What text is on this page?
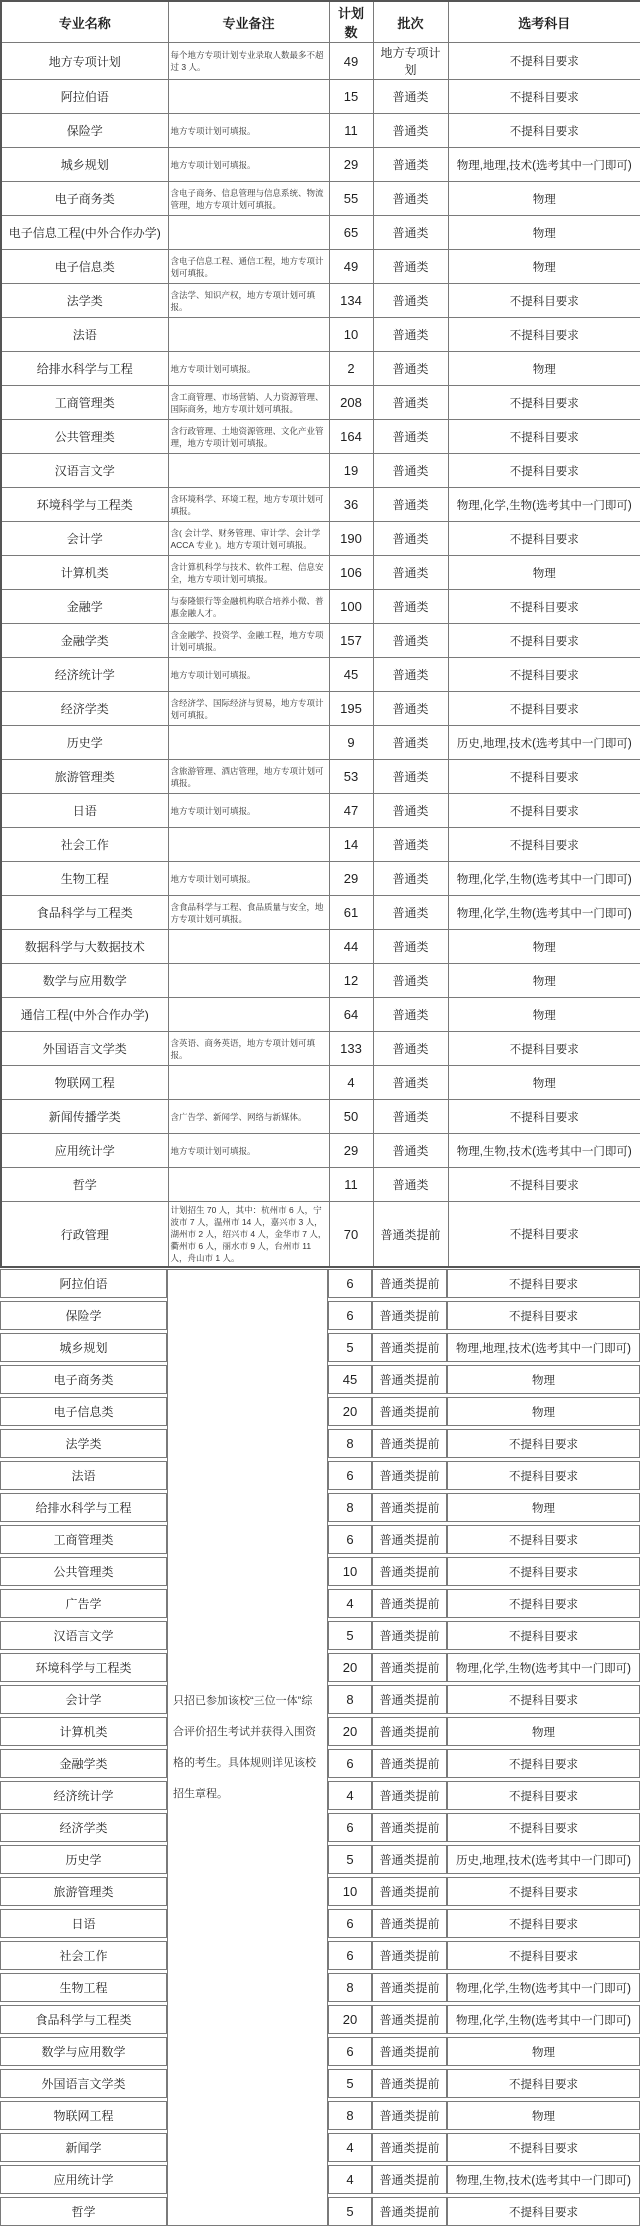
专业名称	专业备注	计划数	批次	选考科目
地方专项计划	每个地方专项计划专业录取人数最多不超过 3 人。	49	地方专项计划	不提科目要求
阿拉伯语		15	普通类	不提科目要求
保险学	地方专项计划可填报。	11	普通类	不提科目要求
城乡规划	地方专项计划可填报。	29	普通类	物理,地理,技术(选考其中一门即可)
电子商务类	含电子商务、信息管理与信息系统、物流管理，地方专项计划可填报。	55	普通类	物理
电子信息工程(中外合作办学)		65	普通类	物理
电子信息类	含电子信息工程、通信工程，地方专项计划可填报。	49	普通类	物理
法学类	含法学、知识产权，地方专项计划可填报。	134	普通类	不提科目要求
法语		10	普通类	不提科目要求
给排水科学与工程	地方专项计划可填报。	2	普通类	物理
工商管理类	含工商管理、市场营销、人力资源管理、国际商务，地方专项计划可填报。	208	普通类	不提科目要求
公共管理类	含行政管理、土地资源管理、文化产业管理，地方专项计划可填报。	164	普通类	不提科目要求
汉语言文学		19	普通类	不提科目要求
环境科学与工程类	含环境科学、环境工程，地方专项计划可填报。	36	普通类	物理,化学,生物(选考其中一门即可)
会计学	含( 会计学、财务管理、审计学、会计学 ACCA 专业 )。地方专项计划可填报。	190	普通类	不提科目要求
计算机类	含计算机科学与技术、软件工程、信息安全，地方专项计划可填报。	106	普通类	物理
金融学	与泰隆银行等金融机构联合培养小微、普惠金融人才。	100	普通类	不提科目要求
金融学类	含金融学、投资学、金融工程，地方专项计划可填报。	157	普通类	不提科目要求
经济统计学	地方专项计划可填报。	45	普通类	不提科目要求
经济学类	含经济学、国际经济与贸易，地方专项计划可填报。	195	普通类	不提科目要求
历史学		9	普通类	历史,地理,技术(选考其中一门即可)
旅游管理类	含旅游管理、酒店管理，地方专项计划可填报。	53	普通类	不提科目要求
日语	地方专项计划可填报。	47	普通类	不提科目要求
社会工作		14	普通类	不提科目要求
生物工程	地方专项计划可填报。	29	普通类	物理,化学,生物(选考其中一门即可)
食品科学与工程类	含食品科学与工程、食品质量与安全，地方专项计划可填报。	61	普通类	物理,化学,生物(选考其中一门即可)
数据科学与大数据技术		44	普通类	物理
数学与应用数学		12	普通类	物理
通信工程(中外合作办学)		64	普通类	物理
外国语言文学类	含英语、商务英语，地方专项计划可填报。	133	普通类	不提科目要求
物联网工程		4	普通类	物理
新闻传播学类	含广告学、新闻学、网络与新媒体。	50	普通类	不提科目要求
应用统计学	地方专项计划可填报。	29	普通类	物理,生物,技术(选考其中一门即可)
哲学		11	普通类	不提科目要求
行政管理	计划招生 70 人，其中：杭州市 6 人，宁波市 7 人，温州市 14 人，嘉兴市 3 人，湖州市 2 人，绍兴市 4 人，金华市 7 人，衢州市 6 人，丽水市 9 人，台州市 11 人，舟山市 1 人。	70	普通类提前	不提科目要求
阿拉伯语	只招已参加该校“三位一体”综合评价招生考试并获得入围资格的考生。具体规则详见该校招生章程。	6	普通类提前	不提科目要求
保险学		6	普通类提前	不提科目要求
城乡规划		5	普通类提前	物理,地理,技术(选考其中一门即可)
电子商务类		45	普通类提前	物理
电子信息类		20	普通类提前	物理
法学类		8	普通类提前	不提科目要求
法语		6	普通类提前	不提科目要求
给排水科学与工程		8	普通类提前	物理
工商管理类		6	普通类提前	不提科目要求
公共管理类		10	普通类提前	不提科目要求
广告学		4	普通类提前	不提科目要求
汉语言文学		5	普通类提前	不提科目要求
环境科学与工程类		20	普通类提前	物理,化学,生物(选考其中一门即可)
会计学		8	普通类提前	不提科目要求
计算机类		20	普通类提前	物理
金融学类		6	普通类提前	不提科目要求
经济统计学		4	普通类提前	不提科目要求
经济学类		6	普通类提前	不提科目要求
历史学		5	普通类提前	历史,地理,技术(选考其中一门即可)
旅游管理类		10	普通类提前	不提科目要求
日语		6	普通类提前	不提科目要求
社会工作		6	普通类提前	不提科目要求
生物工程		8	普通类提前	物理,化学,生物(选考其中一门即可)
食品科学与工程类		20	普通类提前	物理,化学,生物(选考其中一门即可)
数学与应用数学		6	普通类提前	物理
外国语言文学类		5	普通类提前	不提科目要求
物联网工程		8	普通类提前	物理
新闻学		4	普通类提前	不提科目要求
应用统计学		4	普通类提前	物理,生物,技术(选考其中一门即可)
哲学		5	普通类提前	不提科目要求
